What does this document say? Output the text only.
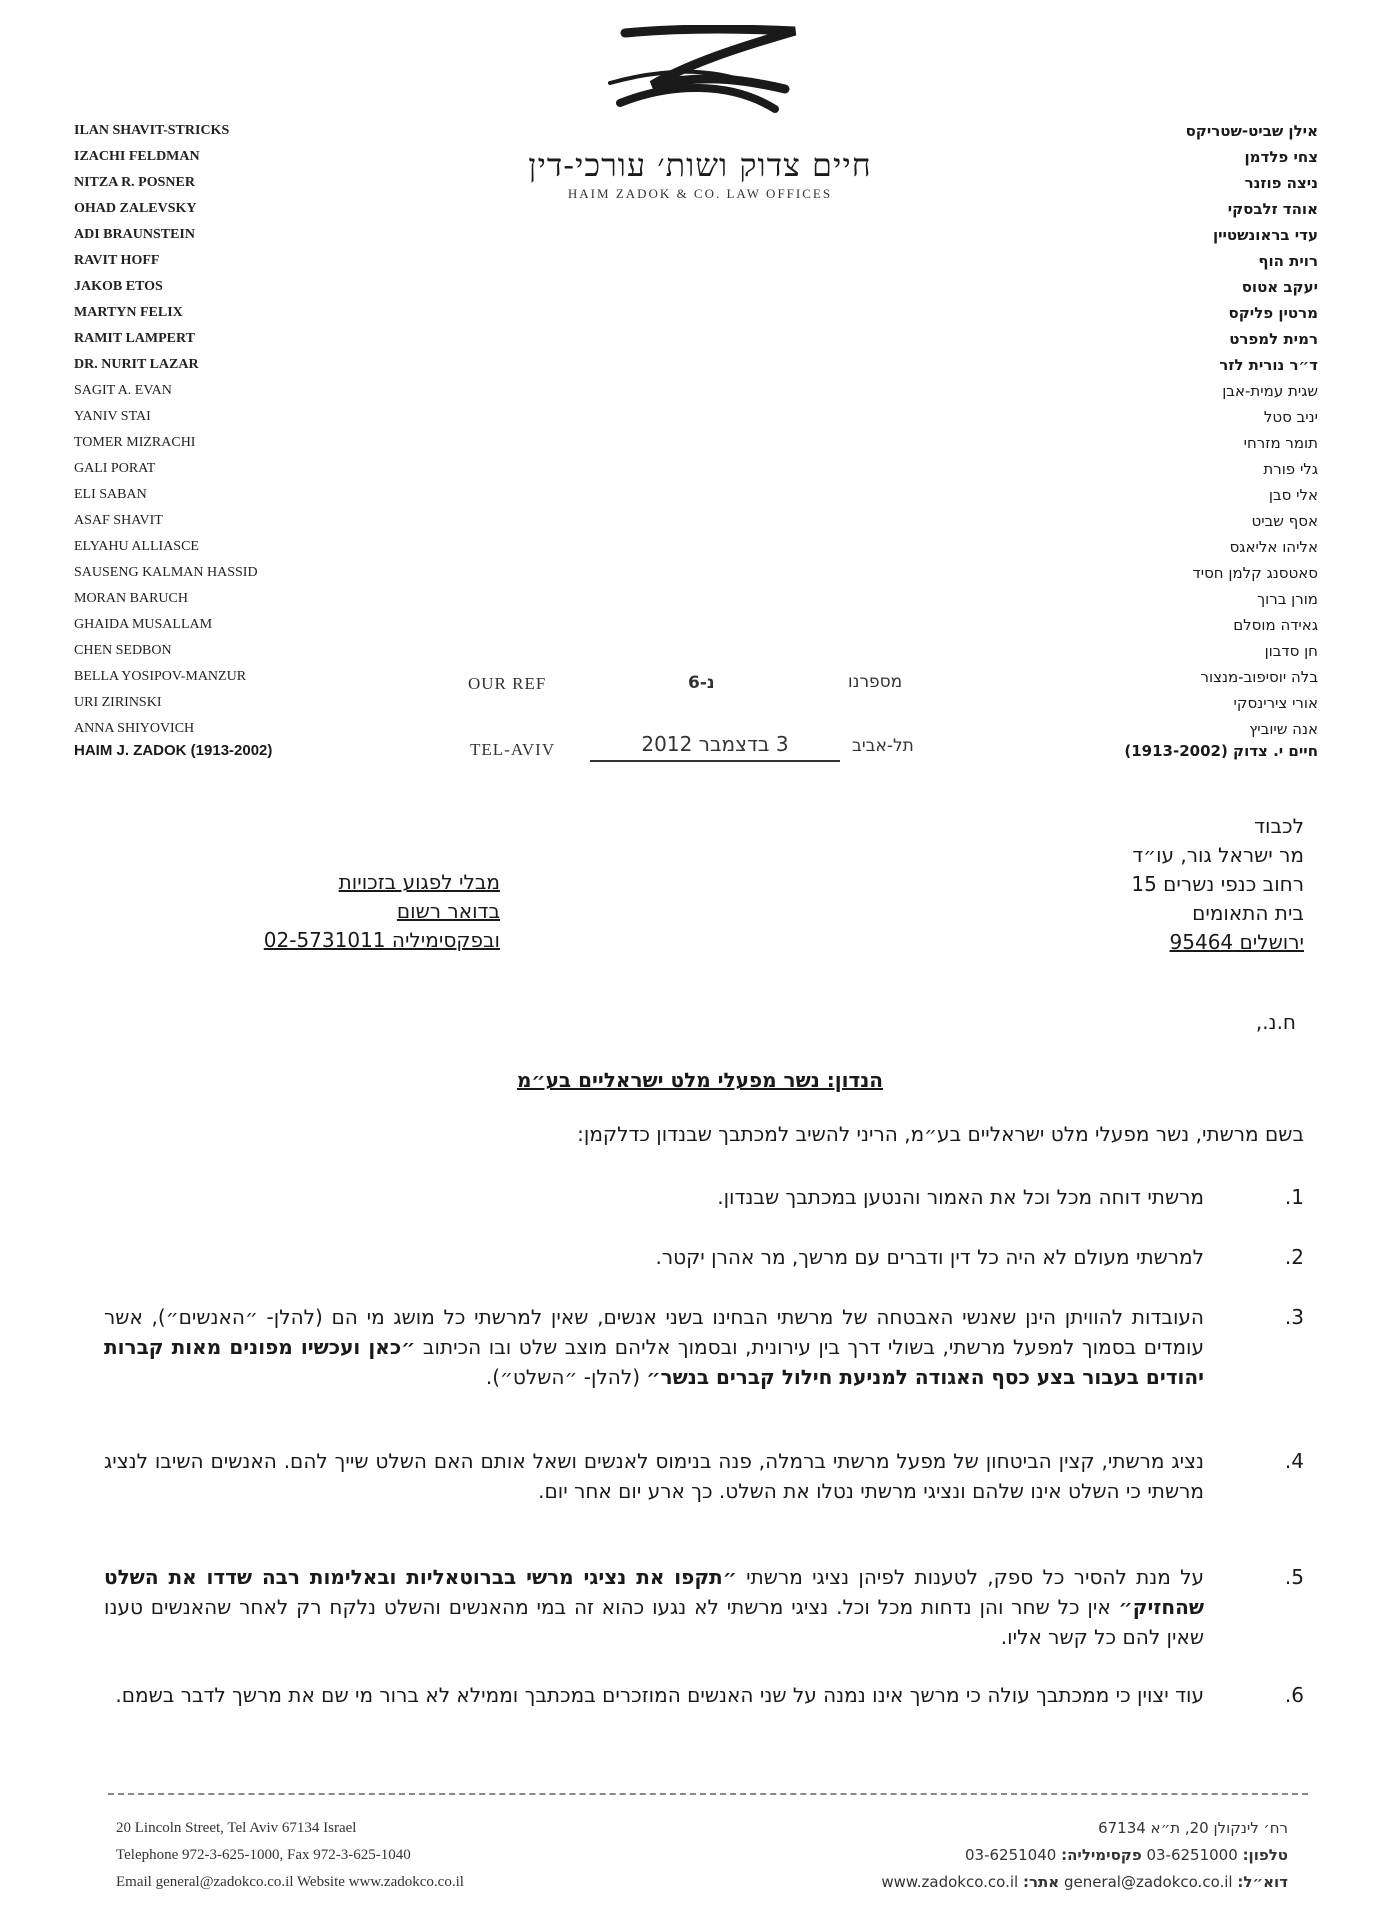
חיים צדוק ושות׳ עורכי-דין
HAIM ZADOK & CO. LAW OFFICES
ILAN SHAVIT-STRICKS
IZACHI FELDMAN
NITZA R. POSNER
OHAD ZALEVSKY
ADI BRAUNSTEIN
RAVIT HOFF
JAKOB ETOS
MARTYN FELIX
RAMIT LAMPERT
DR. NURIT LAZAR
SAGIT A. EVAN
YANIV STAI
TOMER MIZRACHI
GALI PORAT
ELI SABAN
ASAF SHAVIT
ELYAHU ALLIASCE
SAUSENG KALMAN HASSID
MORAN BARUCH
GHAIDA MUSALLAM
CHEN SEDBON
BELLA YOSIPOV-MANZUR
URI ZIRINSKI
ANNA SHIYOVICH
אילן שביט-שטריקס
צחי פלדמן
ניצה פוזנר
אוהד זלבסקי
עדי בראונשטיין
רוית הוף
יעקב אטוס
מרטין פליקס
רמית למפרט
ד״ר נורית לזר
שגית עמית-אבן
יניב סטל
תומר מזרחי
גלי פורת
אלי סבן
אסף שביט
אליהו אליאגס
סאטסנג קלמן חסיד
מורן ברוך
גאידה מוסלם
חן סדבון
בלה יוסיפוב-מנצור
אורי צירינסקי
אנה שיוביץ
HAIM J. ZADOK (1913-2002)	חיים י. צדוק (1913-2002)
OUR REF	נ-6	מספרנו
TEL-AVIV	3 בדצמבר 2012	תל-אביב
לכבוד
מר ישראל גור, עו״ד
רחוב כנפי נשרים 15
בית התאומים
ירושלים 95464
מבלי לפגוע בזכויות
בדואר רשום
ובפקסימיליה 02-5731011
ח.נ.,
הנדון: נשר מפעלי מלט ישראליים בע״מ
בשם מרשתי, נשר מפעלי מלט ישראליים בע״מ, הריני להשיב למכתבך שבנדון כדלקמן:
1.
מרשתי דוחה מכל וכל את האמור והנטען במכתבך שבנדון.
2.
למרשתי מעולם לא היה כל דין ודברים עם מרשך, מר אהרן יקטר.
3.
העובדות להוויתן הינן שאנשי האבטחה של מרשתי הבחינו בשני אנשים, שאין למרשתי כל מושג מי הם (להלן- ״האנשים״), אשר עומדים בסמוך למפעל מרשתי, בשולי דרך בין עירונית, ובסמוך אליהם מוצב שלט ובו הכיתוב ״כאן ועכשיו מפונים מאות קברות יהודים בעבור בצע כסף האגודה למניעת חילול קברים בנשר״ (להלן- ״השלט״).
4.
נציג מרשתי, קצין הביטחון של מפעל מרשתי ברמלה, פנה בנימוס לאנשים ושאל אותם האם השלט שייך להם. האנשים השיבו לנציג מרשתי כי השלט אינו שלהם ונציגי מרשתי נטלו את השלט. כך ארע יום אחר יום.
5.
על מנת להסיר כל ספק, לטענות לפיהן נציגי מרשתי ״תקפו את נציגי מרשי בברוטאליות ובאלימות רבה שדדו את השלט שהחזיק״ אין כל שחר והן נדחות מכל וכל. נציגי מרשתי לא נגעו כהוא זה במי מהאנשים והשלט נלקח רק לאחר שהאנשים טענו שאין להם כל קשר אליו.
6.
עוד יצוין כי ממכתבך עולה כי מרשך אינו נמנה על שני האנשים המוזכרים במכתבך וממילא לא ברור מי שם את מרשך לדבר בשמם.
20 Lincoln Street, Tel Aviv 67134 Israel
Telephone 972-3-625-1000, Fax 972-3-625-1040
Email general@zadokco.co.il Website www.zadokco.co.il
רח׳ לינקולן 20, ת״א 67134
טלפון: 03-6251000 פקסימיליה: 03-6251040
דוא״ל: general@zadokco.co.il אתר: www.zadokco.co.il
